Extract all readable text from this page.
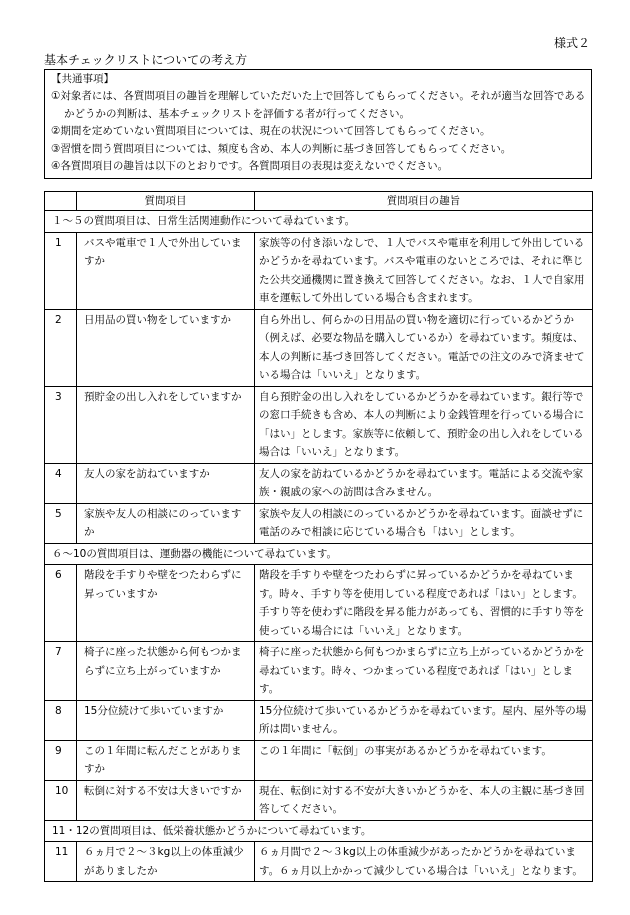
様式２
基本チェックリストについての考え方
【共通事項】
①対象者には、各質問項目の趣旨を理解していただいた上で回答してもらってください。それが適当な回答であるかどうかの判断は、基本チェックリストを評価する者が行ってください。
②期間を定めていない質問項目については、現在の状況について回答してもらってください。
③習慣を問う質問項目については、頻度も含め、本人の判断に基づき回答してもらってください。
④各質問項目の趣旨は以下のとおりです。各質問項目の表現は変えないでください。
	質問項目	質問項目の趣旨
１～５の質問項目は、日常生活関連動作について尋ねています。		
1	バスや電車で１人で外出していますか	家族等の付き添いなしで、１人でバスや電車を利用して外出しているかどうかを尋ねています。バスや電車のないところでは、それに準じた公共交通機関に置き換えて回答してください。なお、１人で自家用車を運転して外出している場合も含まれます。
2	日用品の買い物をしていますか	自ら外出し、何らかの日用品の買い物を適切に行っているかどうか（例えば、必要な物品を購入しているか）を尋ねています。頻度は、本人の判断に基づき回答してください。電話での注文のみで済ませている場合は「いいえ」となります。
3	預貯金の出し入れをしていますか	自ら預貯金の出し入れをしているかどうかを尋ねています。銀行等での窓口手続きも含め、本人の判断により金銭管理を行っている場合に「はい」とします。家族等に依頼して、預貯金の出し入れをしている場合は「いいえ」となります。
4	友人の家を訪ねていますか	友人の家を訪ねているかどうかを尋ねています。電話による交流や家族・親戚の家への訪問は含みません。
5	家族や友人の相談にのっていますか	家族や友人の相談にのっているかどうかを尋ねています。面談せずに電話のみで相談に応じている場合も「はい」とします。
６～10の質問項目は、運動器の機能について尋ねています。		
6	階段を手すりや壁をつたわらずに昇っていますか	階段を手すりや壁をつたわらずに昇っているかどうかを尋ねています。時々、手すり等を使用している程度であれば「はい」とします。手すり等を使わずに階段を昇る能力があっても、習慣的に手すり等を使っている場合には「いいえ」となります。
7	椅子に座った状態から何もつかまらずに立ち上がっていますか	椅子に座った状態から何もつかまらずに立ち上がっているかどうかを尋ねています。時々、つかまっている程度であれば「はい」とします。
8	15分位続けて歩いていますか	15分位続けて歩いているかどうかを尋ねています。屋内、屋外等の場所は問いません。
9	この１年間に転んだことがありますか	この１年間に「転倒」の事実があるかどうかを尋ねています。
10	転倒に対する不安は大きいですか	現在、転倒に対する不安が大きいかどうかを、本人の主観に基づき回答してください。
11・12の質問項目は、低栄養状態かどうかについて尋ねています。		
11	６ヵ月で２～３kg以上の体重減少がありましたか	６ヵ月間で２～３kg以上の体重減少があったかどうかを尋ねています。６ヵ月以上かかって減少している場合は「いいえ」となります。
